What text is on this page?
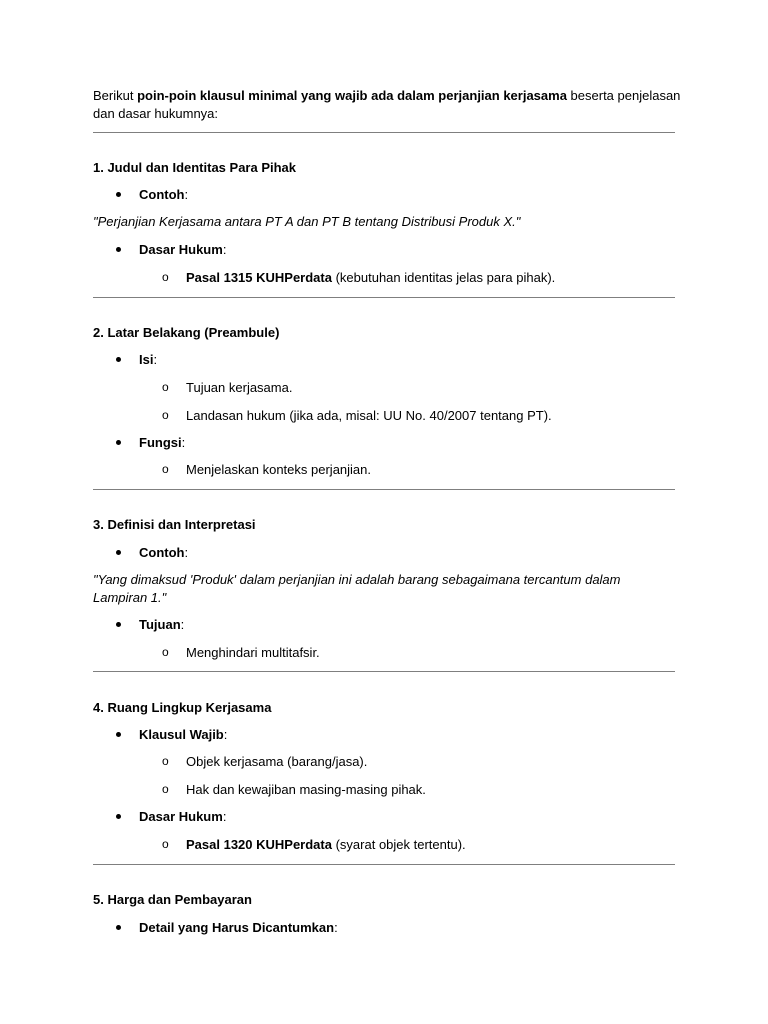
Berikut poin-poin klausul minimal yang wajib ada dalam perjanjian kerjasama beserta penjelasan
dan dasar hukumnya:
1. Judul dan Identitas Para Pihak
Contoh:
"Perjanjian Kerjasama antara PT A dan PT B tentang Distribusi Produk X."
Dasar Hukum:
o Pasal 1315 KUHPerdata (kebutuhan identitas jelas para pihak).
2. Latar Belakang (Preambule)
Isi:
o Tujuan kerjasama.
o Landasan hukum (jika ada, misal: UU No. 40/2007 tentang PT).
Fungsi:
o Menjelaskan konteks perjanjian.
3. Definisi dan Interpretasi
Contoh:
"Yang dimaksud 'Produk' dalam perjanjian ini adalah barang sebagaimana tercantum dalam
Lampiran 1."
Tujuan:
o Menghindari multitafsir.
4. Ruang Lingkup Kerjasama
Klausul Wajib:
o Objek kerjasama (barang/jasa).
o Hak dan kewajiban masing-masing pihak.
Dasar Hukum:
o Pasal 1320 KUHPerdata (syarat objek tertentu).
5. Harga dan Pembayaran
Detail yang Harus Dicantumkan:
